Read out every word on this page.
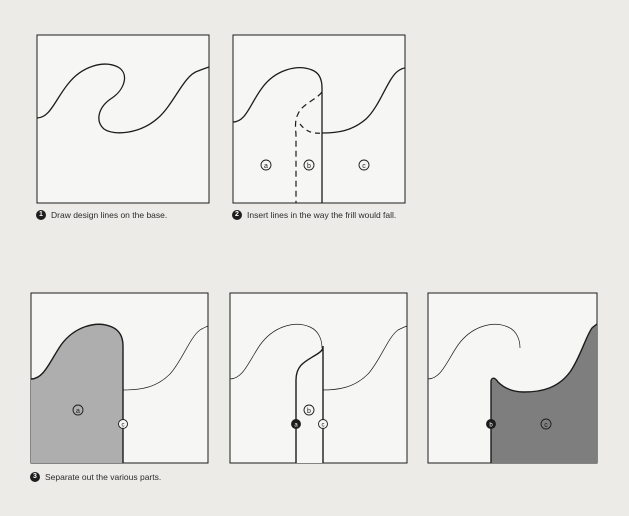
a	b	c
a
c
b
a	c	c
b
1 Draw design lines on the base.	2 Insert lines in the way the frill would fall.
3 Separate out the various parts.
